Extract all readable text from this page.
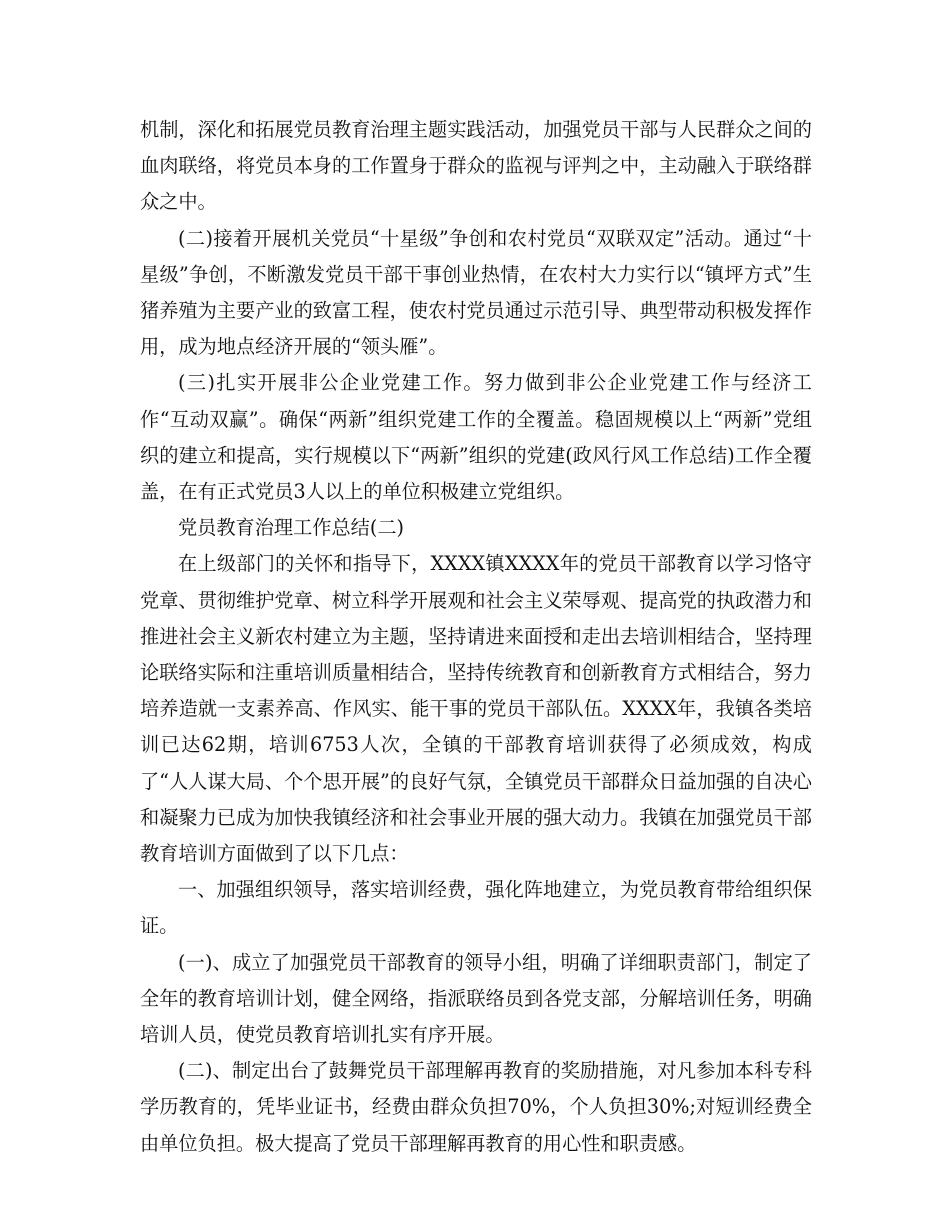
机制，深化和拓展党员教育治理主题实践活动，加强党员干部与人民群众之间的血肉联络，将党员本身的工作置身于群众的监视与评判之中，主动融入于联络群众之中。

(二)接着开展机关党员“十星级”争创和农村党员“双联双定”活动。通过“十星级”争创，不断激发党员干部干事创业热情，在农村大力实行以“镇坪方式”生猪养殖为主要产业的致富工程，使农村党员通过示范引导、典型带动积极发挥作用，成为地点经济开展的“领头雁”。

(三)扎实开展非公企业党建工作。努力做到非公企业党建工作与经济工作“互动双赢”。确保“两新”组织党建工作的全覆盖。稳固规模以上“两新”党组织的建立和提高，实行规模以下“两新”组织的党建(政风行风工作总结)工作全覆盖，在有正式党员3人以上的单位积极建立党组织。

党员教育治理工作总结(二)

在上级部门的关怀和指导下，XXXX镇XXXX年的党员干部教育以学习恪守党章、贯彻维护党章、树立科学开展观和社会主义荣辱观、提高党的执政潜力和推进社会主义新农村建立为主题，坚持请进来面授和走出去培训相结合，坚持理论联络实际和注重培训质量相结合，坚持传统教育和创新教育方式相结合，努力培养造就一支素养高、作风实、能干事的党员干部队伍。XXXX年，我镇各类培训已达62期，培训6753人次，全镇的干部教育培训获得了必须成效，构成了“人人谋大局、个个思开展”的良好气氛，全镇党员干部群众日益加强的自决心和凝聚力已成为加快我镇经济和社会事业开展的强大动力。我镇在加强党员干部教育培训方面做到了以下几点：

一、加强组织领导，落实培训经费，强化阵地建立，为党员教育带给组织保证。

(一)、成立了加强党员干部教育的领导小组，明确了详细职责部门，制定了全年的教育培训计划，健全网络，指派联络员到各党支部，分解培训任务，明确培训人员，使党员教育培训扎实有序开展。

(二)、制定出台了鼓舞党员干部理解再教育的奖励措施，对凡参加本科专科学历教育的，凭毕业证书，经费由群众负担70%，个人负担30%;对短训经费全由单位负担。极大提高了党员干部理解再教育的用心性和职责感。
